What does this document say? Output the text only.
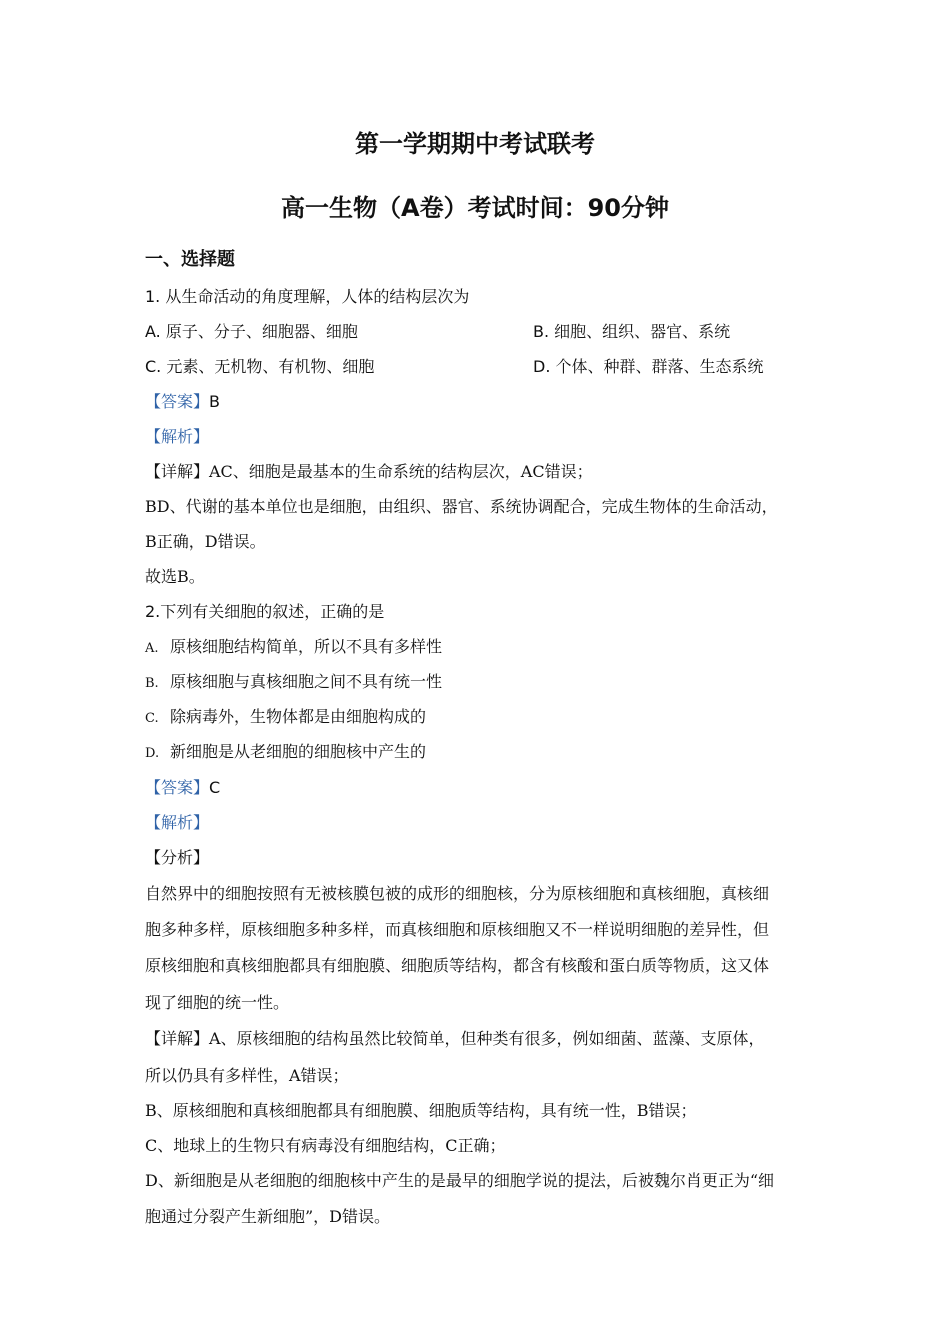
第一学期期中考试联考
高一生物（A卷）考试时间：90分钟
一、选择题
1. 从生命活动的角度理解，人体的结构层次为
A. 原子、分子、细胞器、细胞	B. 细胞、组织、器官、系统
C. 元素、无机物、有机物、细胞	D. 个体、种群、群落、生态系统
【答案】B
【解析】
【详解】AC、细胞是最基本的生命系统的结构层次，AC错误；
BD、代谢的基本单位也是细胞，由组织、器官、系统协调配合，完成生物体的生命活动，
B正确，D错误。
故选B。
2.下列有关细胞的叙述，正确的是
A. 原核细胞结构简单，所以不具有多样性
B. 原核细胞与真核细胞之间不具有统一性
C. 除病毒外，生物体都是由细胞构成的
D. 新细胞是从老细胞的细胞核中产生的
【答案】C
【解析】
【分析】
自然界中的细胞按照有无被核膜包被的成形的细胞核，分为原核细胞和真核细胞，真核细
胞多种多样，原核细胞多种多样，而真核细胞和原核细胞又不一样说明细胞的差异性，但
原核细胞和真核细胞都具有细胞膜、细胞质等结构，都含有核酸和蛋白质等物质，这又体
现了细胞的统一性。
【详解】A、原核细胞的结构虽然比较简单，但种类有很多，例如细菌、蓝藻、支原体，
所以仍具有多样性，A错误；
B、原核细胞和真核细胞都具有细胞膜、细胞质等结构，具有统一性，B错误；
C、地球上的生物只有病毒没有细胞结构，C正确；
D、新细胞是从老细胞的细胞核中产生的是最早的细胞学说的提法，后被魏尔肖更正为“细
胞通过分裂产生新细胞”，D错误。
